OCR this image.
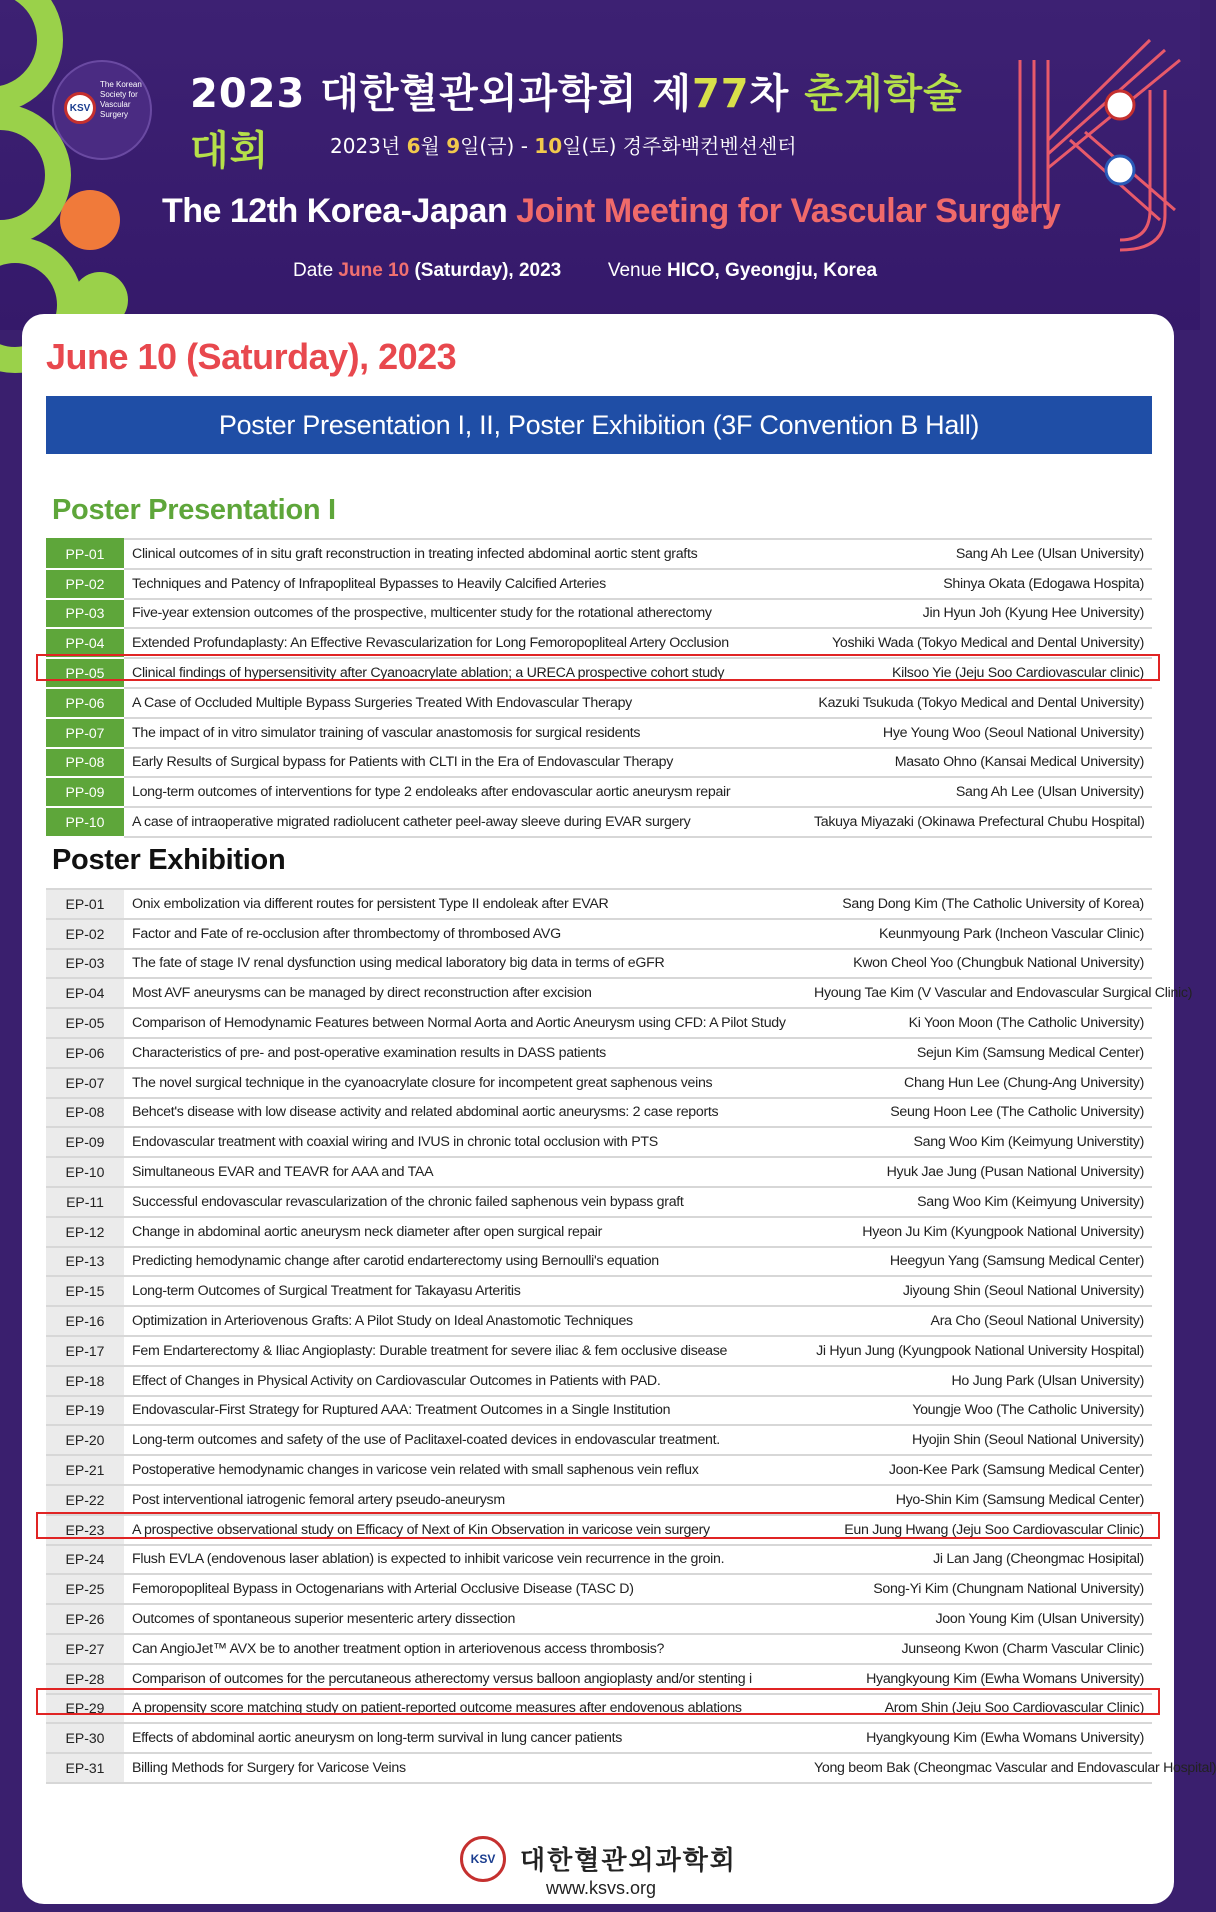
KSV
The Korean Society for Vascular Surgery	2023 대한혈관외과학회 제77차 춘계학술대회	2023년 6월 9일(금) - 10일(토) 경주화백컨벤션센터
The 12th Korea-Japan Joint Meeting for Vascular Surgery
Date June 10 (Saturday), 2023 Venue HICO, Gyeongju, Korea
June 10 (Saturday), 2023
Poster Presentation I, II, Poster Exhibition (3F Convention B Hall)
Poster Presentation I
PP-01	Clinical outcomes of in situ graft reconstruction in treating infected abdominal aortic stent grafts	Sang Ah Lee (Ulsan University)
PP-02	Techniques and Patency of Infrapopliteal Bypasses to Heavily Calcified Arteries	Shinya Okata (Edogawa Hospita)
PP-03	Five-year extension outcomes of the prospective, multicenter study for the rotational atherectomy	Jin Hyun Joh (Kyung Hee University)
PP-04	Extended Profundaplasty: An Effective Revascularization for Long Femoropopliteal Artery Occlusion	Yoshiki Wada (Tokyo Medical and Dental University)
PP-05	Clinical findings of hypersensitivity after Cyanoacrylate ablation; a URECA prospective cohort study	Kilsoo Yie (Jeju Soo Cardiovascular clinic)
PP-06	A Case of Occluded Multiple Bypass Surgeries Treated With Endovascular Therapy	Kazuki Tsukuda (Tokyo Medical and Dental University)
PP-07	The impact of in vitro simulator training of vascular anastomosis for surgical residents	Hye Young Woo (Seoul National University)
PP-08	Early Results of Surgical bypass for Patients with CLTI in the Era of Endovascular Therapy	Masato Ohno (Kansai Medical University)
PP-09	Long-term outcomes of interventions for type 2 endoleaks after endovascular aortic aneurysm repair	Sang Ah Lee (Ulsan University)
PP-10	A case of intraoperative migrated radiolucent catheter peel-away sleeve during EVAR surgery	Takuya Miyazaki (Okinawa Prefectural Chubu Hospital)
Poster Exhibition
EP-01	Onix embolization via different routes for persistent Type II endoleak after EVAR	Sang Dong Kim (The Catholic University of Korea)
EP-02	Factor and Fate of re-occlusion after thrombectomy of thrombosed AVG	Keunmyoung Park (Incheon Vascular Clinic)
EP-03	The fate of stage IV renal dysfunction using medical laboratory big data in terms of eGFR	Kwon Cheol Yoo (Chungbuk National University)
EP-04	Most AVF aneurysms can be managed by direct reconstruction after excision	Hyoung Tae Kim (V Vascular and Endovascular Surgical Clinic)
EP-05	Comparison of Hemodynamic Features between Normal Aorta and Aortic Aneurysm using CFD: A Pilot Study	Ki Yoon Moon (The Catholic University)
EP-06	Characteristics of pre- and post-operative examination results in DASS patients	Sejun Kim (Samsung Medical Center)
EP-07	The novel surgical technique in the cyanoacrylate closure for incompetent great saphenous veins	Chang Hun Lee (Chung-Ang University)
EP-08	Behcet's disease with low disease activity and related abdominal aortic aneurysms: 2 case reports	Seung Hoon Lee (The Catholic University)
EP-09	Endovascular treatment with coaxial wiring and IVUS in chronic total occlusion with PTS	Sang Woo Kim (Keimyung Universtity)
EP-10	Simultaneous EVAR and TEAVR for AAA and TAA	Hyuk Jae Jung (Pusan National University)
EP-11	Successful endovascular revascularization of the chronic failed saphenous vein bypass graft	Sang Woo Kim (Keimyung University)
EP-12	Change in abdominal aortic aneurysm neck diameter after open surgical repair	Hyeon Ju Kim (Kyungpook National University)
EP-13	Predicting hemodynamic change after carotid endarterectomy using Bernoulli's equation	Heegyun Yang (Samsung Medical Center)
EP-15	Long-term Outcomes of Surgical Treatment for Takayasu Arteritis	Jiyoung Shin (Seoul National University)
EP-16	Optimization in Arteriovenous Grafts: A Pilot Study on Ideal Anastomotic Techniques	Ara Cho (Seoul National University)
EP-17	Fem Endarterectomy & Iliac Angioplasty: Durable treatment for severe iliac & fem occlusive disease	Ji Hyun Jung (Kyungpook National University Hospital)
EP-18	Effect of Changes in Physical Activity on Cardiovascular Outcomes in Patients with PAD.	Ho Jung Park (Ulsan University)
EP-19	Endovascular-First Strategy for Ruptured AAA: Treatment Outcomes in a Single Institution	Youngje Woo (The Catholic University)
EP-20	Long-term outcomes and safety of the use of Paclitaxel-coated devices in endovascular treatment.	Hyojin Shin (Seoul National University)
EP-21	Postoperative hemodynamic changes in varicose vein related with small saphenous vein reflux	Joon-Kee Park (Samsung Medical Center)
EP-22	Post interventional iatrogenic femoral artery pseudo-aneurysm	Hyo-Shin Kim (Samsung Medical Center)
EP-23	A prospective observational study on Efficacy of Next of Kin Observation in varicose vein surgery	Eun Jung Hwang (Jeju Soo Cardiovascular Clinic)
EP-24	Flush EVLA (endovenous laser ablation) is expected to inhibit varicose vein recurrence in the groin.	Ji Lan Jang (Cheongmac Hosipital)
EP-25	Femoropopliteal Bypass in Octogenarians with Arterial Occlusive Disease (TASC D)	Song-Yi Kim (Chungnam National University)
EP-26	Outcomes of spontaneous superior mesenteric artery dissection	Joon Young Kim (Ulsan University)
EP-27	Can AngioJet™ AVX be to another treatment option in arteriovenous access thrombosis?	Junseong Kwon (Charm Vascular Clinic)
EP-28	Comparison of outcomes for the percutaneous atherectomy versus balloon angioplasty and/or stenting i	Hyangkyoung Kim (Ewha Womans University)
EP-29	A propensity score matching study on patient-reported outcome measures after endovenous ablations	Arom Shin (Jeju Soo Cardiovascular Clinic)
EP-30	Effects of abdominal aortic aneurysm on long-term survival in lung cancer patients	Hyangkyoung Kim (Ewha Womans University)
EP-31	Billing Methods for Surgery for Varicose Veins	Yong beom Bak (Cheongmac Vascular and Endovascular Hospital)
KSV 대한혈관외과학회
www.ksvs.org
